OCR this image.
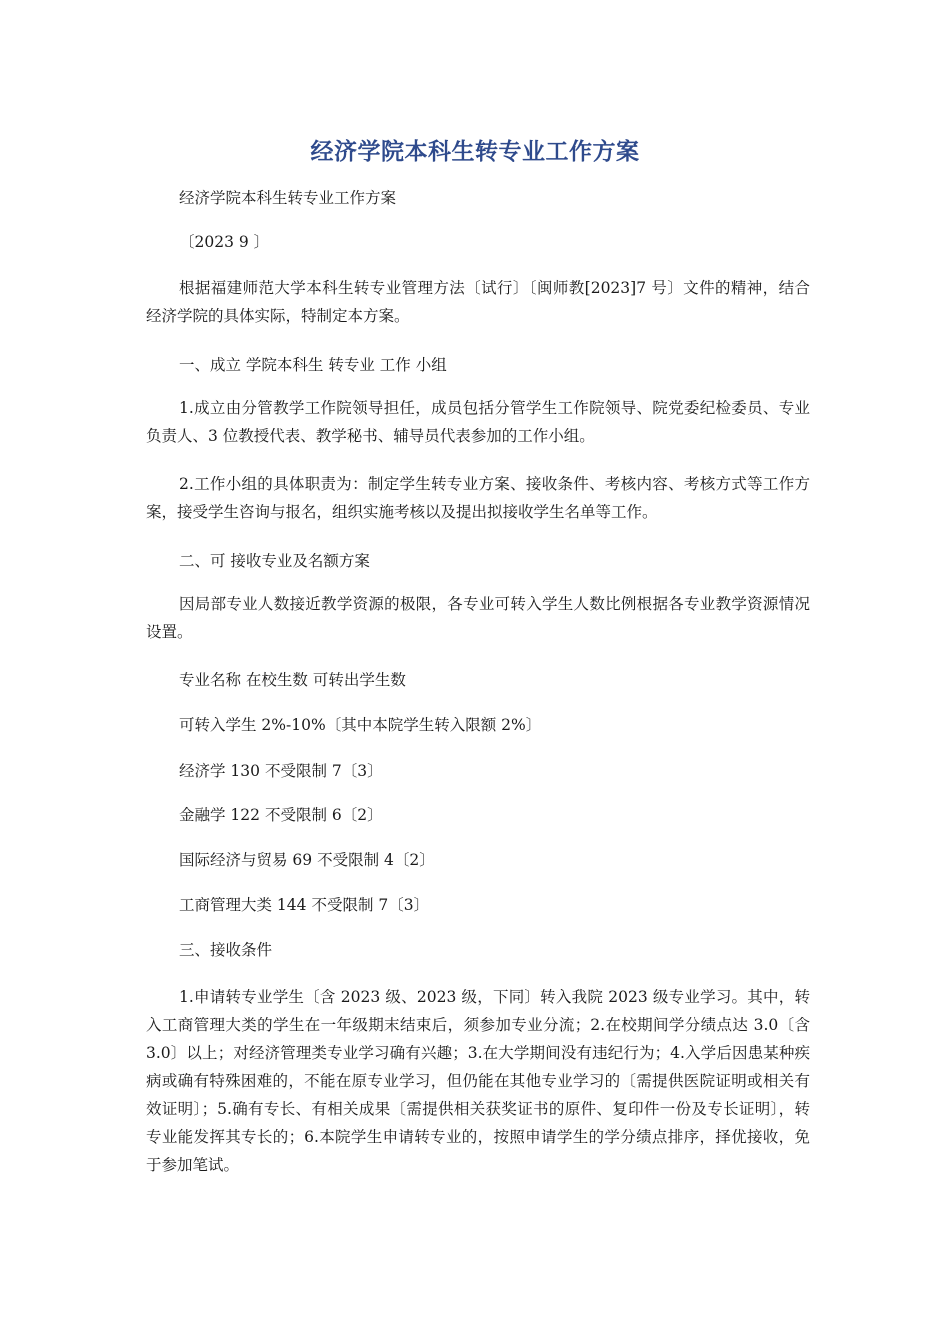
经济学院本科生转专业工作方案

经济学院本科生转专业工作方案

〔2023 9 〕

根据福建师范大学本科生转专业管理方法〔试行〕〔闽师教[2023]7 号〕文件的精神，结合经济学院的具体实际，特制定本方案。

一、成立 学院本科生 转专业 工作 小组

1.成立由分管教学工作院领导担任，成员包括分管学生工作院领导、院党委纪检委员、专业负责人、3 位教授代表、教学秘书、辅导员代表参加的工作小组。

2.工作小组的具体职责为：制定学生转专业方案、接收条件、考核内容、考核方式等工作方案，接受学生咨询与报名，组织实施考核以及提出拟接收学生名单等工作。

二、可 接收专业及名额方案

因局部专业人数接近教学资源的极限，各专业可转入学生人数比例根据各专业教学资源情况设置。

专业名称 在校生数 可转出学生数

可转入学生 2%-10%〔其中本院学生转入限额 2%〕

经济学 130 不受限制 7〔3〕

金融学 122 不受限制 6〔2〕

国际经济与贸易 69 不受限制 4〔2〕

工商管理大类 144 不受限制 7〔3〕

三、接收条件

1.申请转专业学生〔含 2023 级、2023 级，下同〕转入我院 2023 级专业学习。其中，转入工商管理大类的学生在一年级期末结束后，须参加专业分流；2.在校期间学分绩点达 3.0〔含 3.0〕以上；对经济管理类专业学习确有兴趣；3.在大学期间没有违纪行为；4.入学后因患某种疾病或确有特殊困难的，不能在原专业学习，但仍能在其他专业学习的〔需提供医院证明或相关有效证明〕；5.确有专长、有相关成果〔需提供相关获奖证书的原件、复印件一份及专长证明〕，转专业能发挥其专长的；6.本院学生申请转专业的，按照申请学生的学分绩点排序，择优接收，免于参加笔试。
